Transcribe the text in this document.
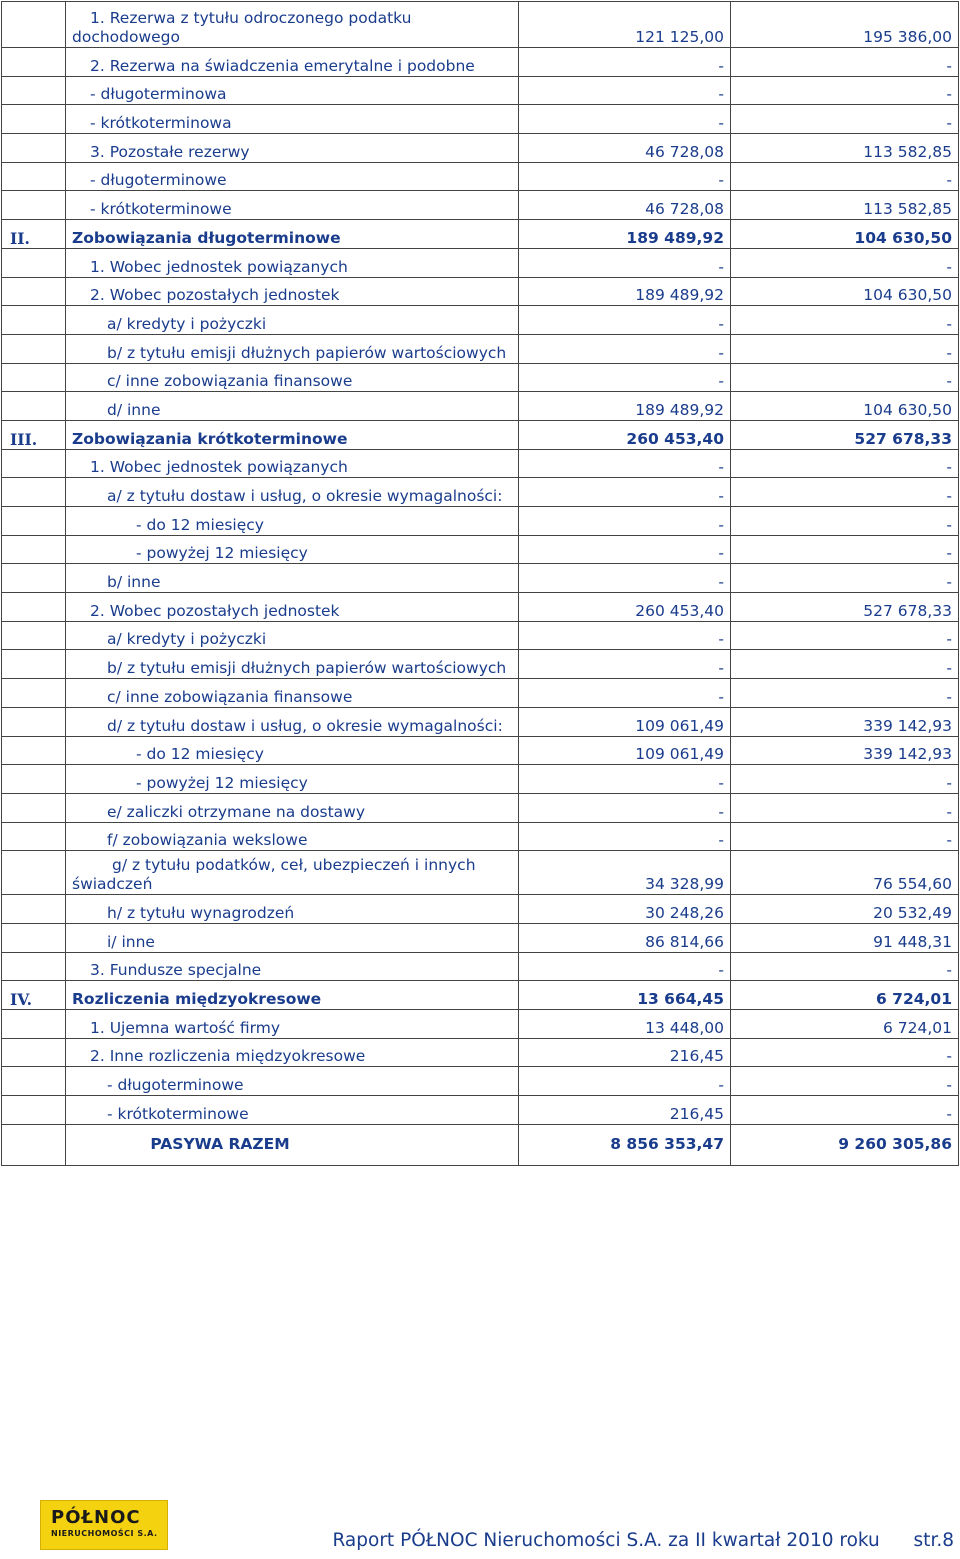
	1. Rezerwa z tytułu odroczonego podatku
dochodowego	121 125,00	195 386,00
	2. Rezerwa na świadczenia emerytalne i podobne	-	-
	- długoterminowa	-	-
	- krótkoterminowa	-	-
	3. Pozostałe rezerwy	46 728,08	113 582,85
	- długoterminowe	-	-
	- krótkoterminowe	46 728,08	113 582,85
II.	Zobowiązania długoterminowe	189 489,92	104 630,50
	1. Wobec jednostek powiązanych	-	-
	2. Wobec pozostałych jednostek	189 489,92	104 630,50
	a/ kredyty i pożyczki	-	-
	b/ z tytułu emisji dłużnych papierów wartościowych	-	-
	c/ inne zobowiązania finansowe	-	-
	d/ inne	189 489,92	104 630,50
III.	Zobowiązania krótkoterminowe	260 453,40	527 678,33
	1. Wobec jednostek powiązanych	-	-
	a/ z tytułu dostaw i usług, o okresie wymagalności:	-	-
	- do 12 miesięcy	-	-
	- powyżej 12 miesięcy	-	-
	b/ inne	-	-
	2. Wobec pozostałych jednostek	260 453,40	527 678,33
	a/ kredyty i pożyczki	-	-
	b/ z tytułu emisji dłużnych papierów wartościowych	-	-
	c/ inne zobowiązania finansowe	-	-
	d/ z tytułu dostaw i usług, o okresie wymagalności:	109 061,49	339 142,93
	- do 12 miesięcy	109 061,49	339 142,93
	- powyżej 12 miesięcy	-	-
	e/ zaliczki otrzymane na dostawy	-	-
	f/ zobowiązania wekslowe	-	-

	g/ z tytułu podatków, ceł, ubezpieczeń i innych
świadczeń	34 328,99	76 554,60
	h/ z tytułu wynagrodzeń	30 248,26	20 532,49
	i/ inne	86 814,66	91 448,31
	3. Fundusze specjalne	-	-
IV.	Rozliczenia międzyokresowe	13 664,45	6 724,01
	1. Ujemna wartość firmy	13 448,00	6 724,01
	2. Inne rozliczenia międzyokresowe	216,45	-
	- długoterminowe	-	-
	- krótkoterminowe	216,45	-
	PASYWA RAZEM	8 856 353,47	9 260 305,86
PÓŁNOC
NIERUCHOMOŚCI S.A.	Raport PÓŁNOC Nieruchomości S.A. za II kwartał 2010 roku str.8
